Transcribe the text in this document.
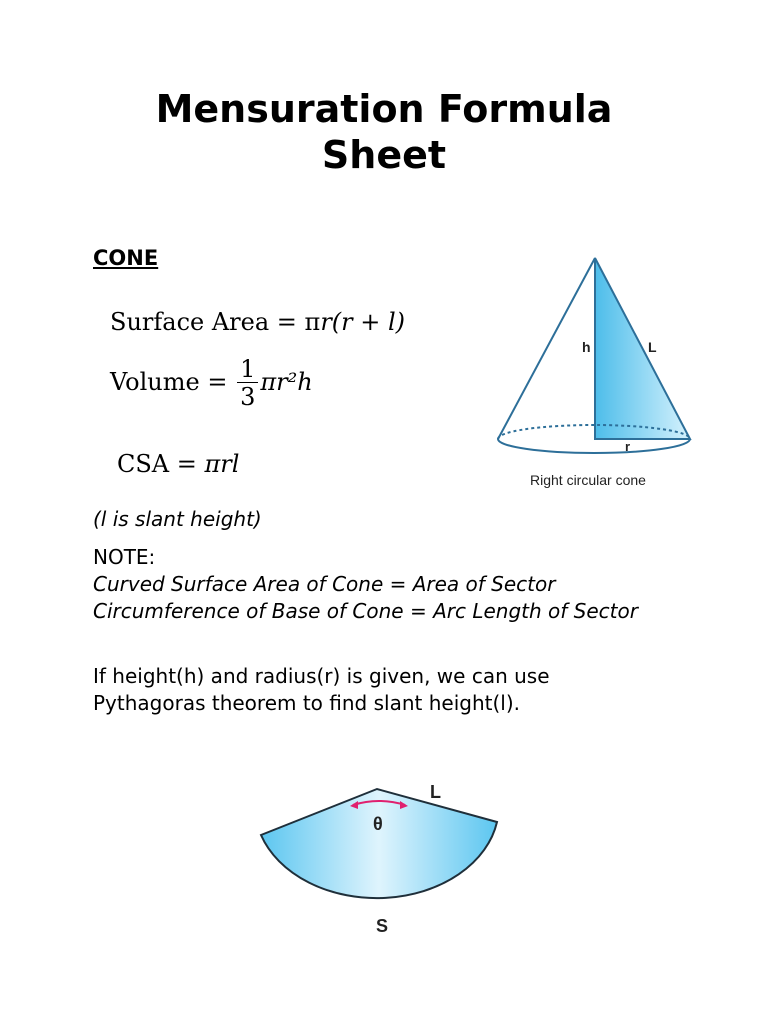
Mensuration Formula
Sheet
CONE
Surface Area = πr(r + l)
Volume = $\frac{1}{3} \pi r^2h$
CSA = πrl
h	L
r
Right circular cone
(l is slant height)
NOTE:
Curved Surface Area of Cone = Area of Sector
Circumference of Base of Cone = Arc Length of Sector
If height(h) and radius(r) is given, we can use Pythagoras theorem to find slant height(l).
θ
L
S
